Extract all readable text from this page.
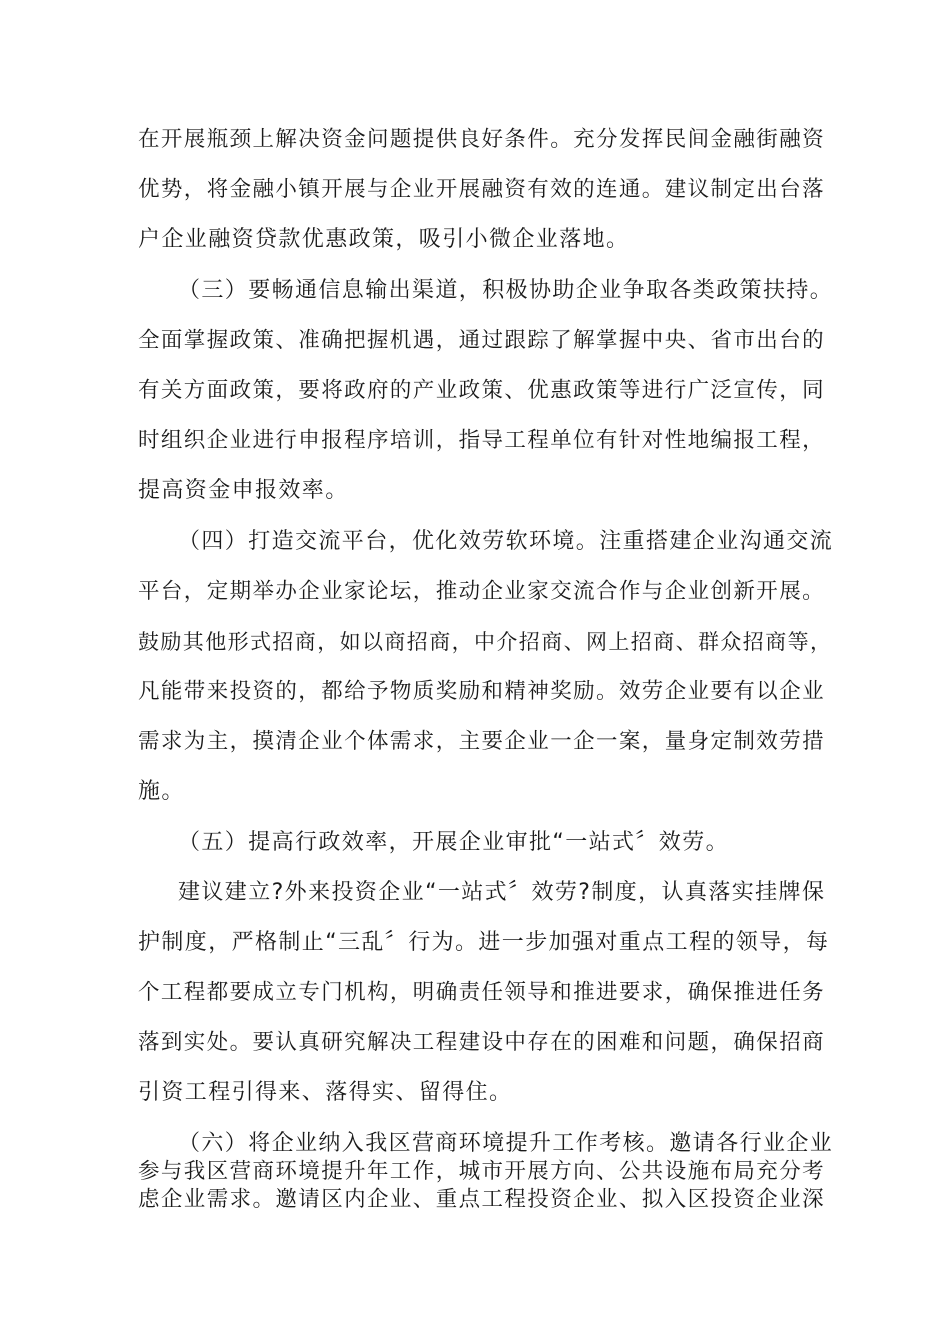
在开展瓶颈上解决资金问题提供良好条件。充分发挥民间金融街融资

优势，将金融小镇开展与企业开展融资有效的连通。建议制定出台落

户企业融资贷款优惠政策，吸引小微企业落地。

（三）要畅通信息输出渠道，积极协助企业争取各类政策扶持。

全面掌握政策、准确把握机遇，通过跟踪了解掌握中央、省市出台的

有关方面政策，要将政府的产业政策、优惠政策等进行广泛宣传，同

时组织企业进行申报程序培训，指导工程单位有针对性地编报工程，

提高资金申报效率。

（四）打造交流平台，优化效劳软环境。注重搭建企业沟通交流

平台，定期举办企业家论坛，推动企业家交流合作与企业创新开展。

鼓励其他形式招商，如以商招商，中介招商、网上招商、群众招商等，

凡能带来投资的，都给予物质奖励和精神奖励。效劳企业要有以企业

需求为主，摸清企业个体需求，主要企业一企一案，量身定制效劳措

施。

（五）提高行政效率，开展企业审批“一站式〞效劳。

建议建立?外来投资企业“一站式〞效劳?制度，认真落实挂牌保

护制度，严格制止“三乱〞行为。进一步加强对重点工程的领导，每

个工程都要成立专门机构，明确责任领导和推进要求，确保推进任务

落到实处。要认真研究解决工程建设中存在的困难和问题，确保招商

引资工程引得来、落得实、留得住。

（六）将企业纳入我区营商环境提升工作考核。邀请各行业企业

参与我区营商环境提升年工作，城市开展方向、公共设施布局充分考

虑企业需求。邀请区内企业、重点工程投资企业、拟入区投资企业深
